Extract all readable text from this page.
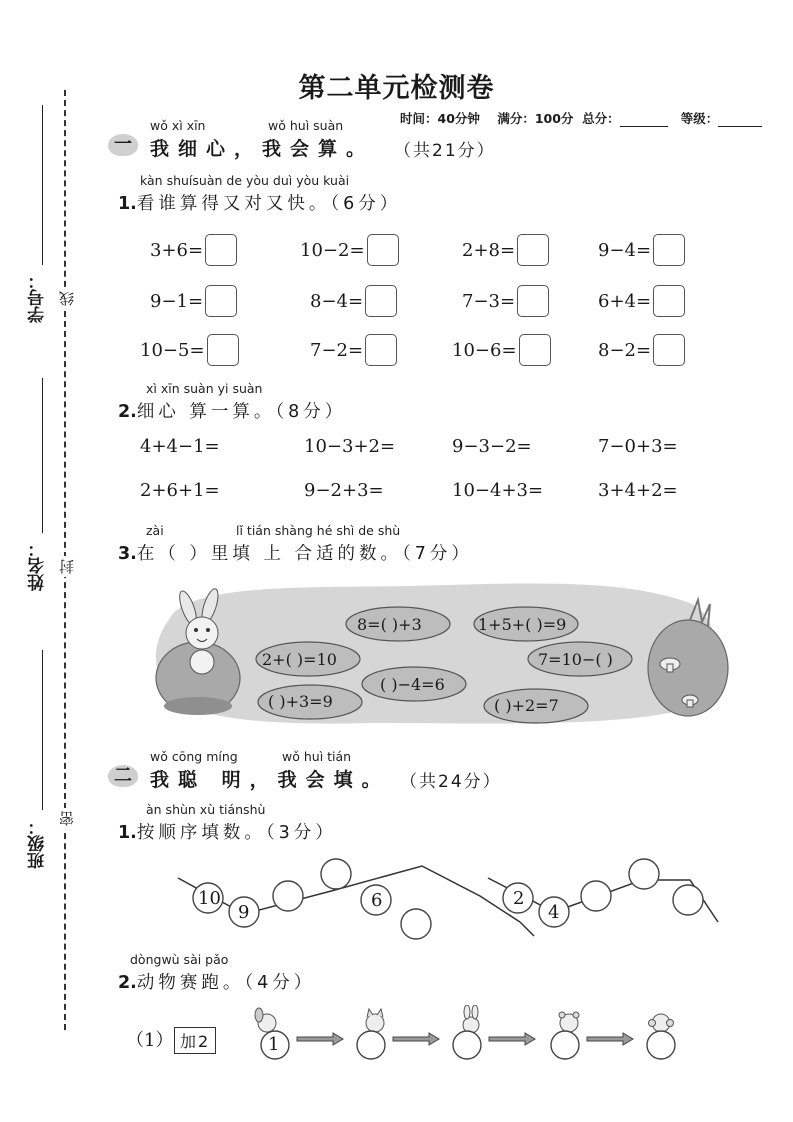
线
封
密
学号：
姓名：
班级：
第二单元检测卷
时间：40分钟 满分：100分 总分：	等级：
wǒ xì xīn	wǒ huì suàn
一 我细心，我会算。 （共21分）
kàn shuísuàn de yòu duì yòu kuài
1.看谁算得又对又快。（6分）
3+6=	10−2=	2+8=	9−4=
9−1=	8−4=	7−3=	6+4=
10−5=	7−2=	10−6=	8−2=
xì xīn suàn yi suàn
2.细心 算一算。（8分）
4+4−1=	10−3+2=	9−3−2=	7−0+3=
2+6+1=	9−2+3=	10−4+3=	3+4+2=
zài	lǐ tián shàng hé shì de shù
3.在（ ）里填 上 合适的数。（7分）
8=( )+3	1+5+( )=9
2+( )=10	7=10−( )
( )−4=6
( )+3=9	( )+2=7
wǒ cōng míng	wǒ huì tián
二 我聪 明，我会填。 （共24分）
àn shùn xù tiánshù
1.按顺序填数。（3分）
10
9
6	2
4
dòngwù sài pǎo
2.动物赛跑。（4分）
（1） 加2	1
